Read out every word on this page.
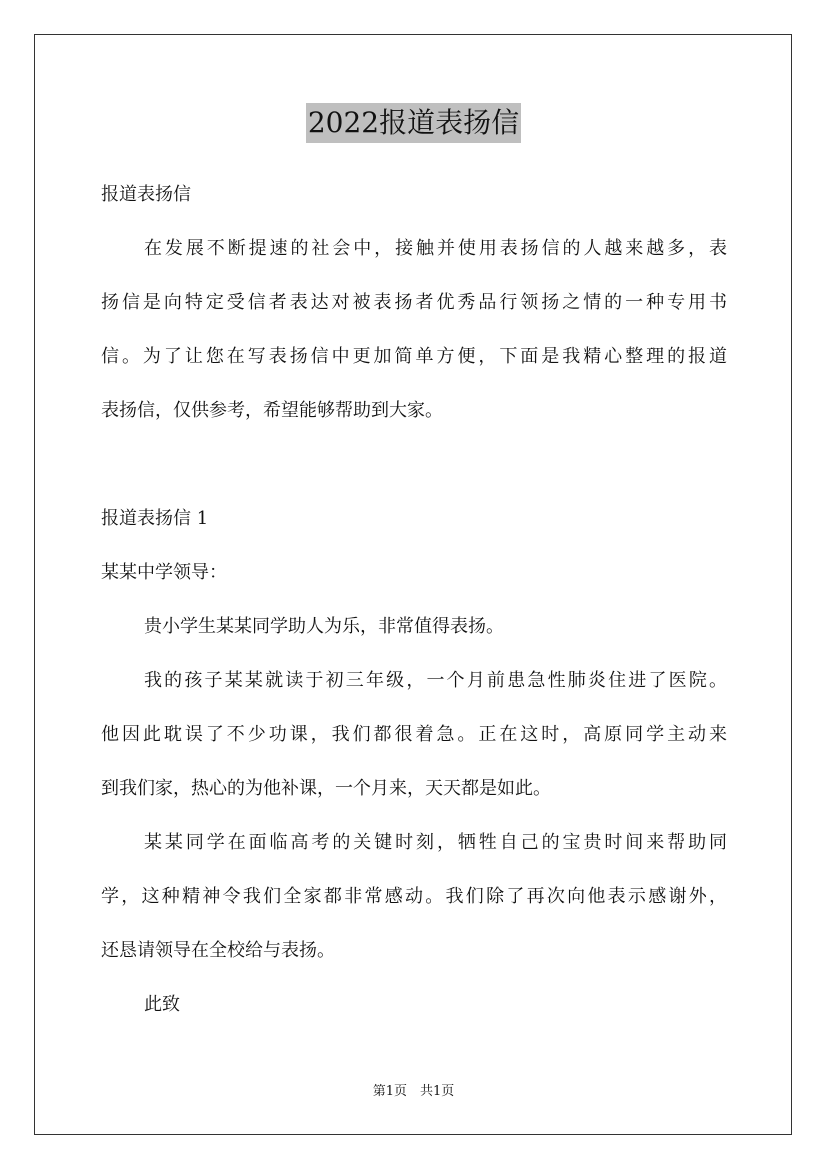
2022报道表扬信
报道表扬信
在发展不断提速的社会中，接触并使用表扬信的人越来越多，表
扬信是向特定受信者表达对被表扬者优秀品行领扬之情的一种专用书
信。为了让您在写表扬信中更加简单方便，下面是我精心整理的报道
表扬信，仅供参考，希望能够帮助到大家。
报道表扬信 1
某某中学领导：
贵小学生某某同学助人为乐，非常值得表扬。
我的孩子某某就读于初三年级，一个月前患急性肺炎住进了医院。
他因此耽误了不少功课，我们都很着急。正在这时，高原同学主动来
到我们家，热心的为他补课，一个月来，天天都是如此。
某某同学在面临高考的关键时刻，牺牲自己的宝贵时间来帮助同
学，这种精神令我们全家都非常感动。我们除了再次向他表示感谢外，
还恳请领导在全校给与表扬。
此致
第1页　共1页
